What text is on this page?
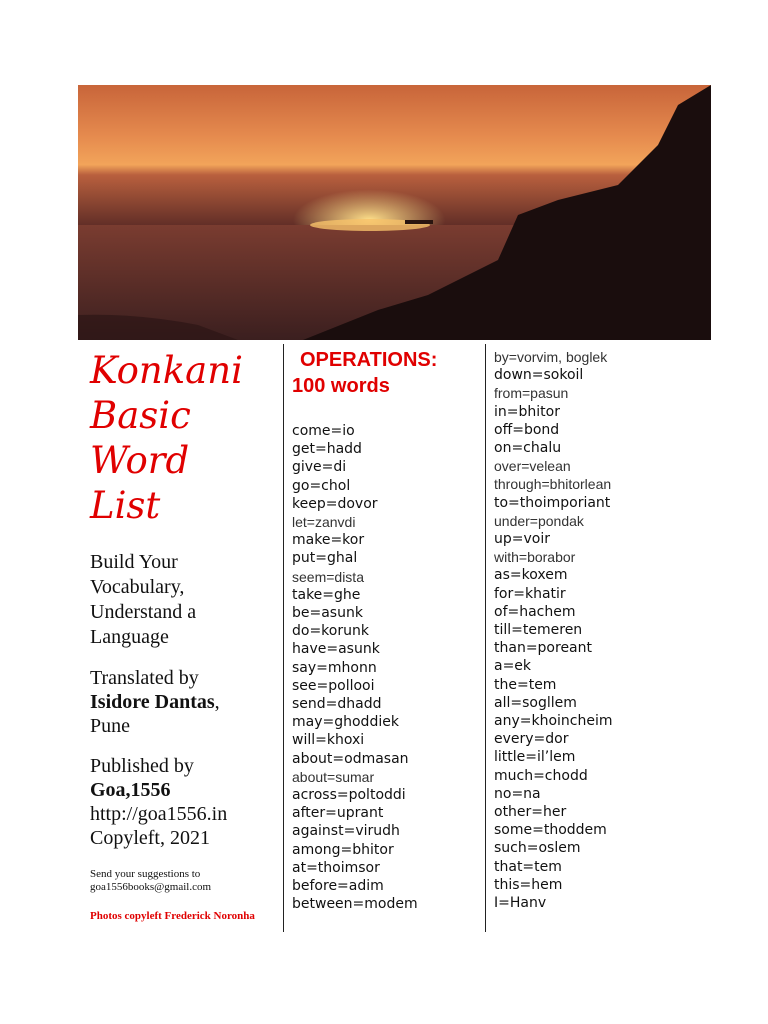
Konkani
Basic
Word
List
Build Your
Vocabulary,
Understand a
Language
Translated by
Isidore Dantas,
Pune
Published by
Goa,1556
http://goa1556.in
Copyleft, 2021
Send your suggestions to
goa1556books@gmail.com
Photos copyleft Frederick Noronha
OPERATIONS:
100 words
come=io
get=hadd
give=di
go=chol
keep=dovor
let=zanvdi
make=kor
put=ghal
seem=dista
take=ghe
be=asunk
do=korunk
have=asunk
say=mhonn
see=pollooi
send=dhadd
may=ghoddiek
will=khoxi
about=odmasan
about=sumar
across=poltoddi
after=uprant
against=virudh
among=bhitor
at=thoimsor
before=adim
between=modem
by=vorvim, boglek
down=sokoil
from=pasun
in=bhitor
off=bond
on=chalu
over=velean
through=bhitorlean
to=thoimporiant
under=pondak
up=voir
with=borabor
as=koxem
for=khatir
of=hachem
till=temeren
than=poreant
a=ek
the=tem
all=sogllem
any=khoincheim
every=dor
little=il’lem
much=chodd
no=na
other=her
some=thoddem
such=oslem
that=tem
this=hem
I=Hanv
